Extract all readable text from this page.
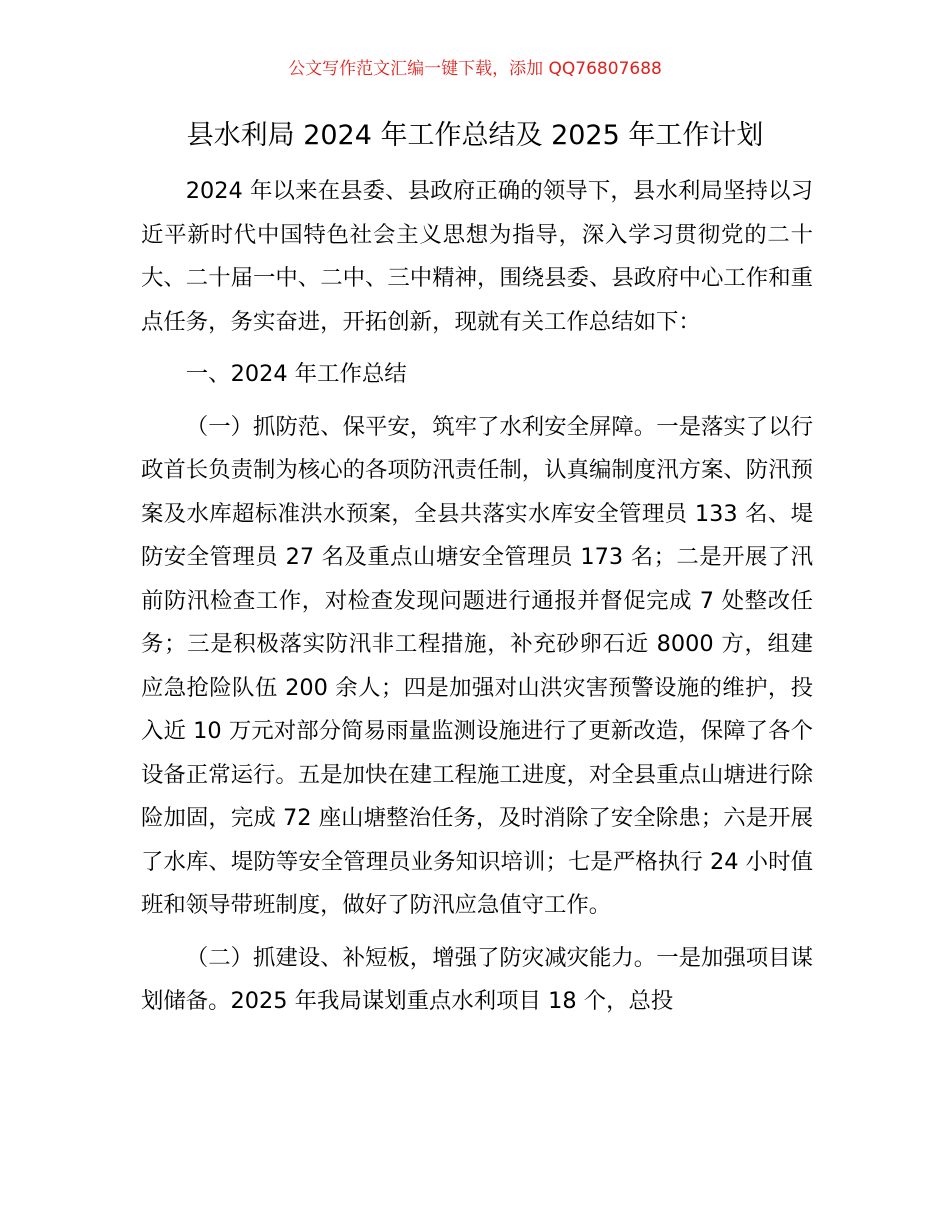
公文写作范文汇编一键下载，添加 QQ76807688
县水利局 2024 年工作总结及 2025 年工作计划

2024 年以来在县委、县政府正确的领导下，县水利局坚持以习近平新时代中国特色社会主义思想为指导，深入学习贯彻党的二十大、二十届一中、二中、三中精神，围绕县委、县政府中心工作和重点任务，务实奋进，开拓创新，现就有关工作总结如下：

一、2024 年工作总结

（一）抓防范、保平安，筑牢了水利安全屏障。一是落实了以行政首长负责制为核心的各项防汛责任制，认真编制度汛方案、防汛预案及水库超标准洪水预案，全县共落实水库安全管理员 133 名、堤防安全管理员 27 名及重点山塘安全管理员 173 名；二是开展了汛前防汛检查工作，对检查发现问题进行通报并督促完成 7 处整改任务；三是积极落实防汛非工程措施，补充砂卵石近 8000 方，组建应急抢险队伍 200 余人；四是加强对山洪灾害预警设施的维护，投入近 10 万元对部分简易雨量监测设施进行了更新改造，保障了各个设备正常运行。五是加快在建工程施工进度，对全县重点山塘进行除险加固，完成 72 座山塘整治任务，及时消除了安全除患；六是开展了水库、堤防等安全管理员业务知识培训；七是严格执行 24 小时值班和领导带班制度，做好了防汛应急值守工作。

（二）抓建设、补短板，增强了防灾减灾能力。一是加强项目谋划储备。2025 年我局谋划重点水利项目 18 个，总投
